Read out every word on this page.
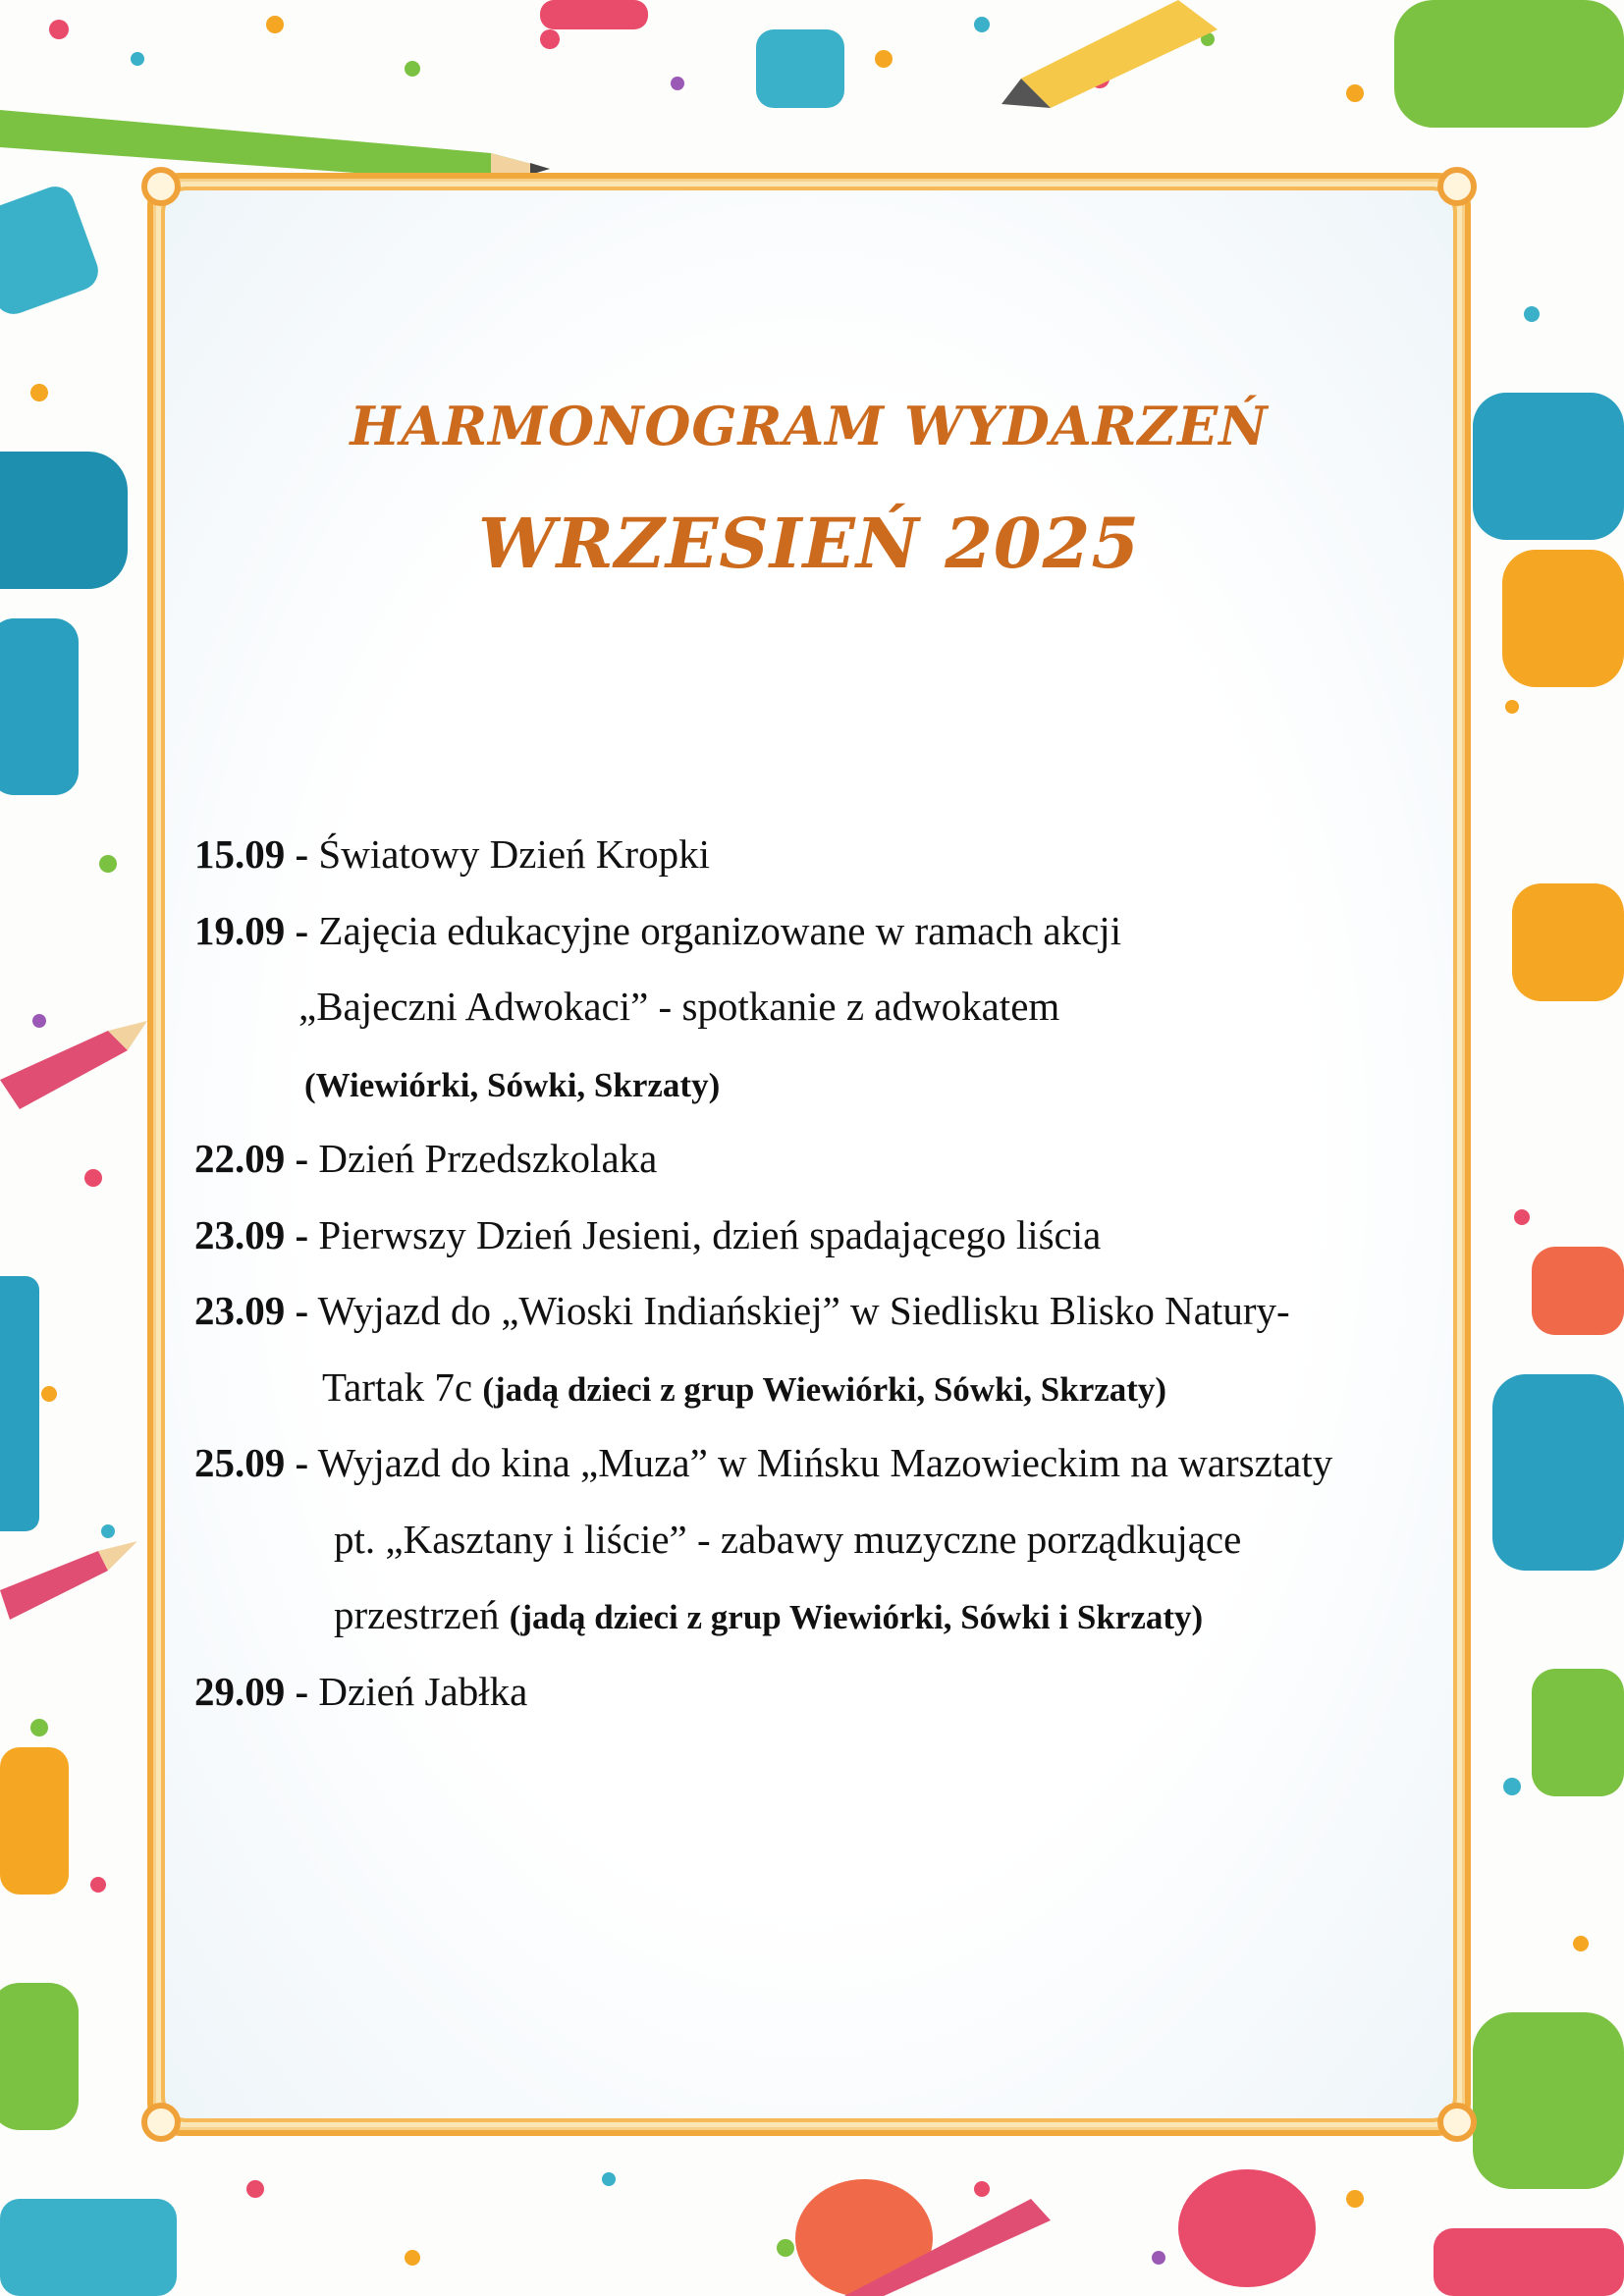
HARMONOGRAM WYDARZEŃ
WRZESIEŃ 2025
15.09 - Światowy Dzień Kropki
19.09 - Zajęcia edukacyjne organizowane w ramach akcji
„Bajeczni Adwokaci” - spotkanie z adwokatem
(Wiewiórki, Sówki, Skrzaty)
22.09 - Dzień Przedszkolaka
23.09 - Pierwszy Dzień Jesieni, dzień spadającego liścia
23.09 - Wyjazd do „Wioski Indiańskiej” w Siedlisku Blisko Natury-
Tartak 7c (jadą dzieci z grup Wiewiórki, Sówki, Skrzaty)
25.09 - Wyjazd do kina „Muza” w Mińsku Mazowieckim na warsztaty
pt. „Kasztany i liście” - zabawy muzyczne porządkujące
przestrzeń (jadą dzieci z grup Wiewiórki, Sówki i Skrzaty)
29.09 - Dzień Jabłka
